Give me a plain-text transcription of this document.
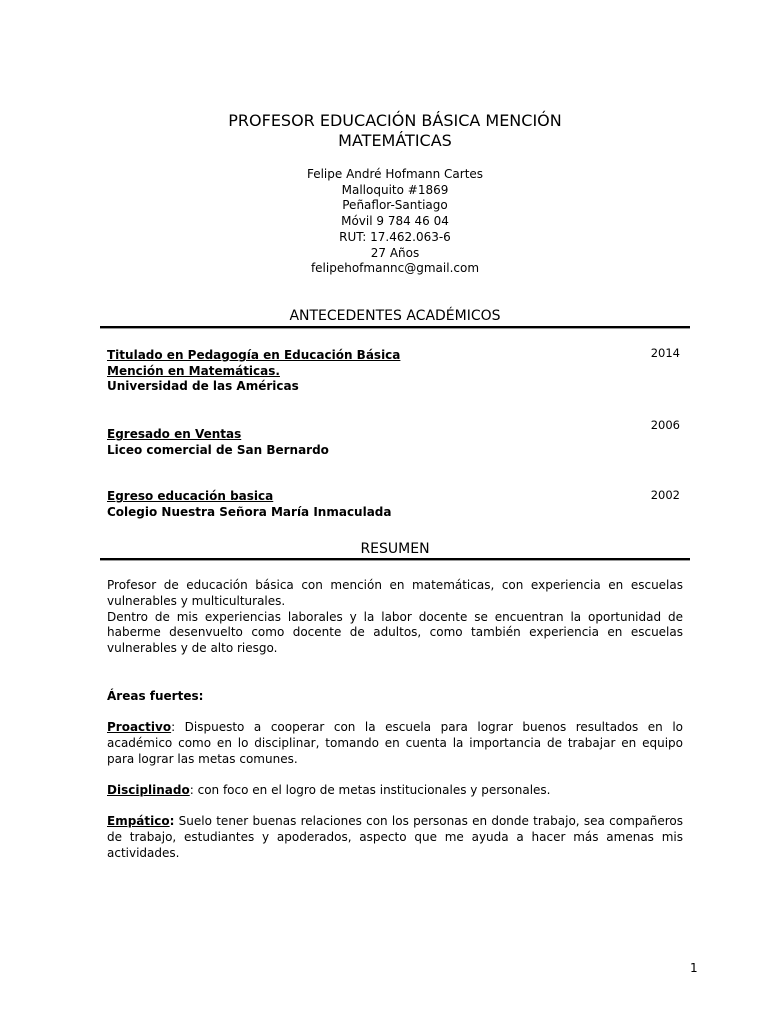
PROFESOR EDUCACIÓN BÁSICA MENCIÓN
MATEMÁTICAS
Felipe André Hofmann Cartes
Malloquito #1869
Peñaflor-Santiago
Móvil 9 784 46 04
RUT: 17.462.063-6
27 Años
felipehofmannc@gmail.com
ANTECEDENTES ACADÉMICOS
Titulado en Pedagogía en Educación Básica
Mención en Matemáticas.
Universidad de las Américas
2014
Egresado en Ventas
Liceo comercial de San Bernardo
2006
Egreso educación basica
Colegio Nuestra Señora María Inmaculada
2002
RESUMEN
Profesor de educación básica con mención en matemáticas, con experiencia en escuelas vulnerables y multiculturales.
Dentro de mis experiencias laborales y la labor docente se encuentran la oportunidad de haberme desenvuelto como docente de adultos, como también experiencia en escuelas vulnerables y de alto riesgo.
Áreas fuertes:
Proactivo: Dispuesto a cooperar con la escuela para lograr buenos resultados en lo académico como en lo disciplinar, tomando en cuenta la importancia de trabajar en equipo para lograr las metas comunes.
Disciplinado: con foco en el logro de metas institucionales y personales.
Empático: Suelo tener buenas relaciones con los personas en donde trabajo, sea compañeros de trabajo, estudiantes y apoderados, aspecto que me ayuda a hacer más amenas mis actividades.
1
